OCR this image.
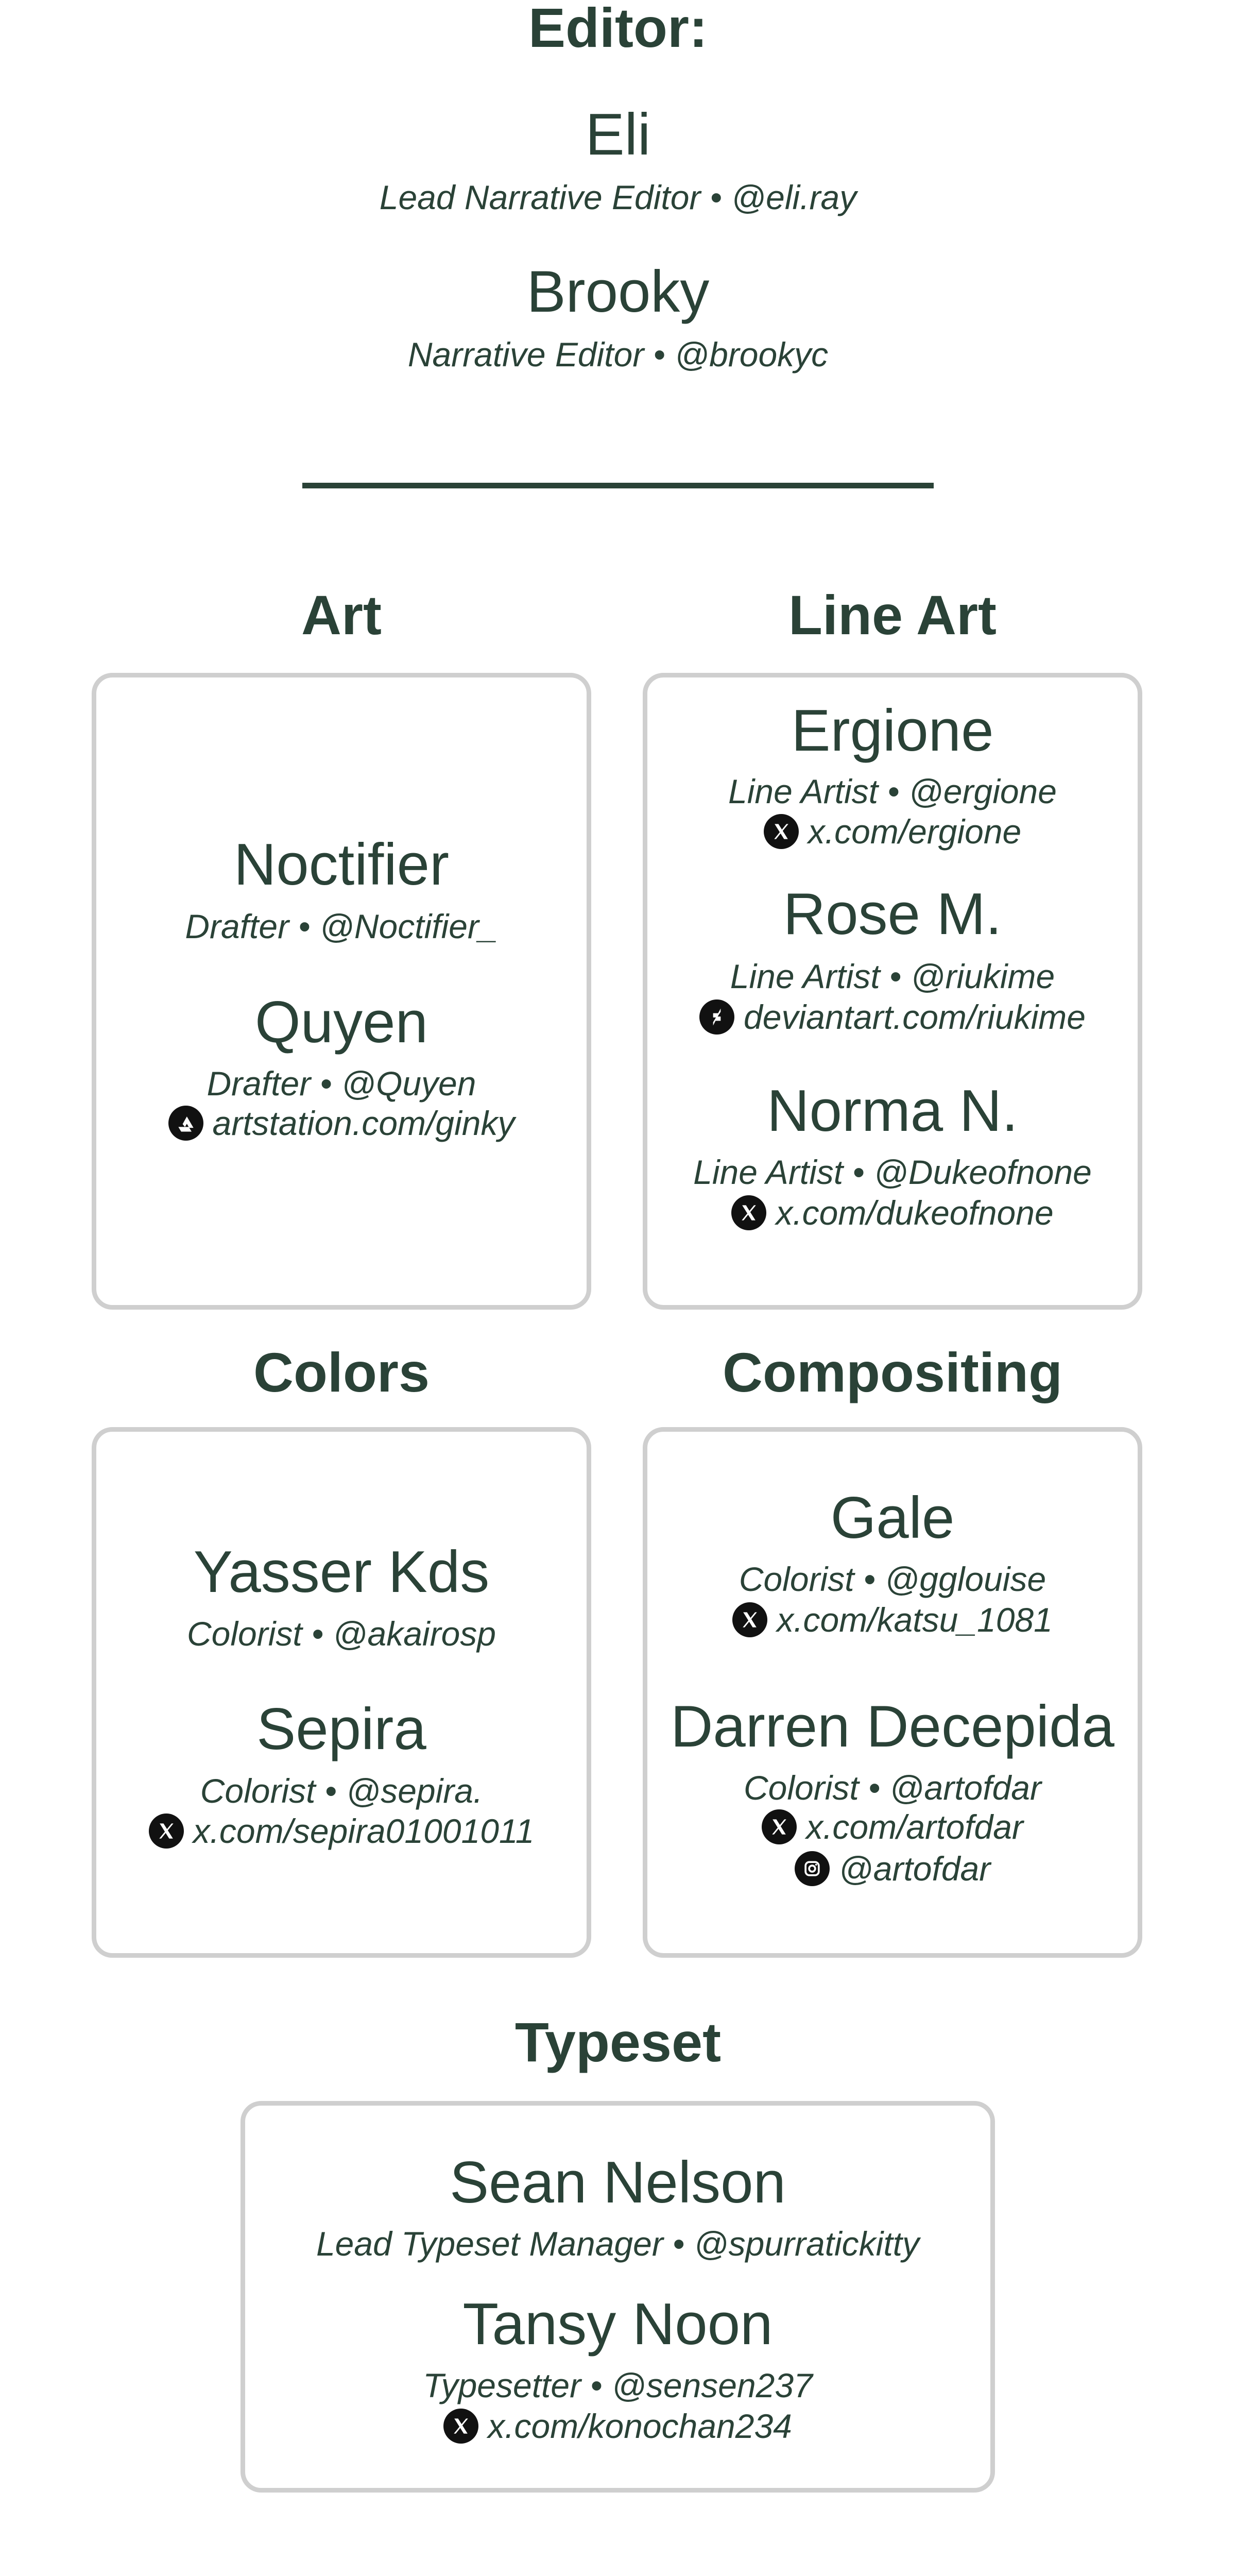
Editor:
Eli
Lead Narrative Editor • @eli.ray
Brooky
Narrative Editor • @brookyc
Art
Noctifier
Drafter • @Noctifier_
Quyen
Drafter • @Quyen
artstation.com/ginky
Line Art
Ergione
Line Artist • @ergione
x.com/ergione
Rose M.
Line Artist • @riukime
deviantart.com/riukime
Norma N.
Line Artist • @Dukeofnone
x.com/dukeofnone
Colors
Yasser Kds
Colorist • @akairosp
Sepira
Colorist • @sepira.
x.com/sepira01001011
Compositing
Gale
Colorist • @gglouise
x.com/katsu_1081
Darren Decepida
Colorist • @artofdar
x.com/artofdar
@artofdar
Typeset
Sean Nelson
Lead Typeset Manager • @spurratickitty
Tansy Noon
Typesetter • @sensen237
x.com/konochan234
